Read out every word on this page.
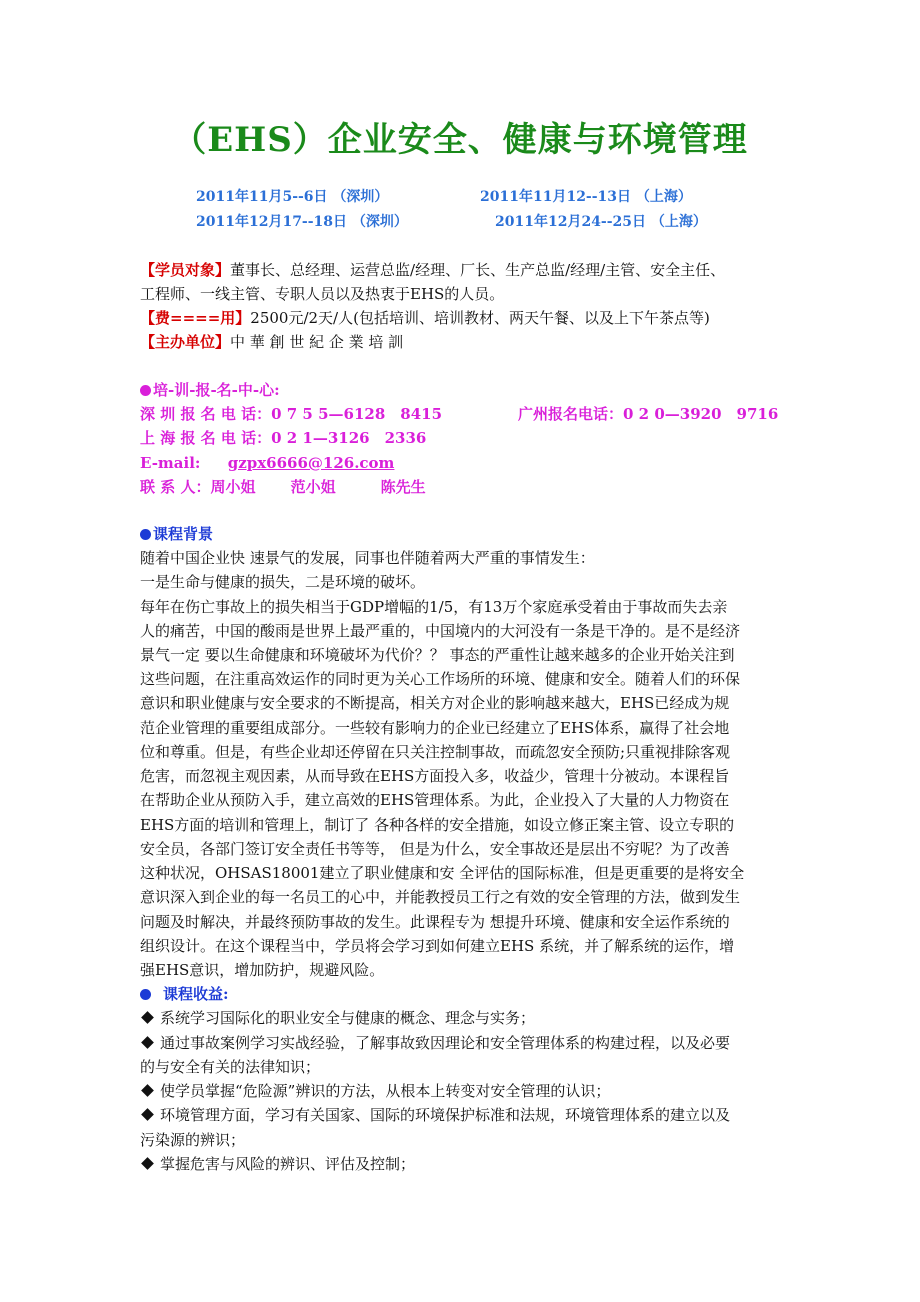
（EHS）企业安全、健康与环境管理
2011年11月5--6日 （深圳）	2011年11月12--13日 （上海）
2011年12月17--18日 （深圳）	2011年12月24--25日 （上海）
【学员对象】董事长、总经理、运营总监/经理、厂长、生产总监/经理/主管、安全主任、
工程师、一线主管、专职人员以及热衷于EHS的人员。
【费====用】2500元/2天/人(包括培训、培训教材、两天午餐、以及上下午茶点等)
【主办单位】中 華 創 世 紀 企 業 培 訓
培-训-报-名-中-心:
深 圳 报 名 电 话：0 7 5 5—6128　8415	广州报名电话：0 2 0—3920　9716
上 海 报 名 电 话：0 2 1—3126　2336
E-mail: gzpx6666@126.com
联 系 人：周小姐　　 范小姐　　　陈先生
课程背景
随着中国企业快 速景气的发展，同事也伴随着两大严重的事情发生：
一是生命与健康的损失，二是环境的破坏。
每年在伤亡事故上的损失相当于GDP增幅的1/5，有13万个家庭承受着由于事故而失去亲
人的痛苦，中国的酸雨是世界上最严重的，中国境内的大河没有一条是干净的。是不是经济
景气一定 要以生命健康和环境破坏为代价？？ 事态的严重性让越来越多的企业开始关注到
这些问题，在注重高效运作的同时更为关心工作场所的环境、健康和安全。随着人们的环保
意识和职业健康与安全要求的不断提高，相关方对企业的影响越来越大，EHS已经成为规
范企业管理的重要组成部分。一些较有影响力的企业已经建立了EHS体系，赢得了社会地
位和尊重。但是，有些企业却还停留在只关注控制事故，而疏忽安全预防;只重视排除客观
危害，而忽视主观因素，从而导致在EHS方面投入多，收益少，管理十分被动。本课程旨
在帮助企业从预防入手，建立高效的EHS管理体系。为此，企业投入了大量的人力物资在
EHS方面的培训和管理上，制订了 各种各样的安全措施，如设立修正案主管、设立专职的
安全员，各部门签订安全责任书等等， 但是为什么，安全事故还是层出不穷呢？为了改善
这种状况，OHSAS18001建立了职业健康和安 全评估的国际标准，但是更重要的是将安全
意识深入到企业的每一名员工的心中，并能教授员工行之有效的安全管理的方法，做到发生
问题及时解决，并最终预防事故的发生。此课程专为 想提升环境、健康和安全运作系统的
组织设计。在这个课程当中，学员将会学习到如何建立EHS 系统，并了解系统的运作，增
强EHS意识，增加防护，规避风险。
课程收益:
系统学习国际化的职业安全与健康的概念、理念与实务；
通过事故案例学习实战经验，了解事故致因理论和安全管理体系的构建过程，以及必要
的与安全有关的法律知识；
使学员掌握“危险源”辨识的方法，从根本上转变对安全管理的认识；
环境管理方面，学习有关国家、国际的环境保护标准和法规，环境管理体系的建立以及
污染源的辨识；
掌握危害与风险的辨识、评估及控制；
